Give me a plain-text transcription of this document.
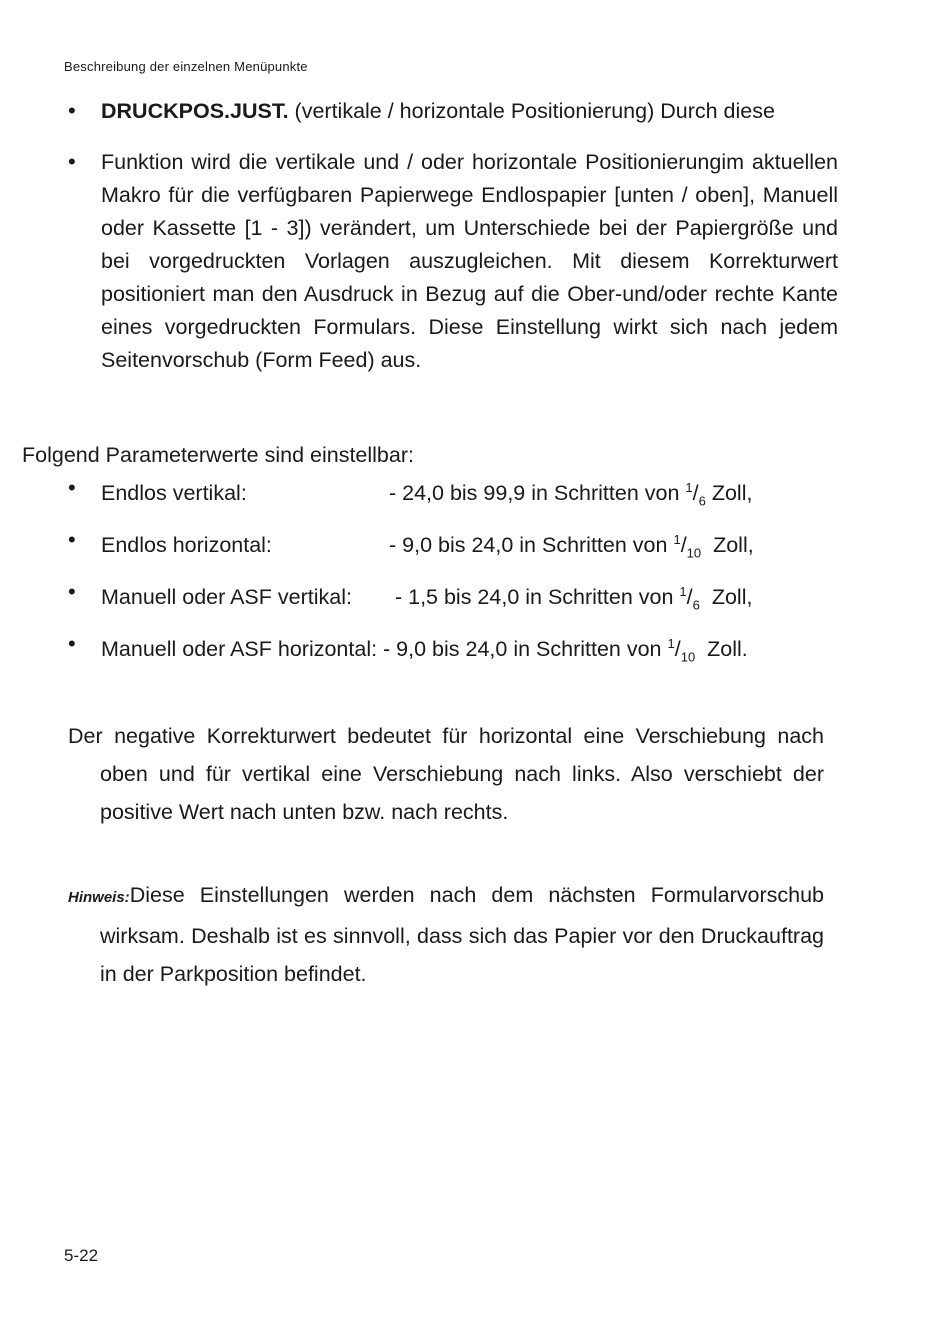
Beschreibung der einzelnen Menüpunkte
• DRUCKPOS.JUST. (vertikale / horizontale Positionierung) Durch diese
• Funktion wird die vertikale und / oder horizontale Positionierungim aktuellen Makro für die verfügbaren Papierwege Endlospapier [unten / oben], Manuell oder Kassette [1 - 3]) verändert, um Unterschiede bei der Papiergröße und bei vorgedruckten Vorlagen auszugleichen. Mit diesem Korrekturwert positioniert man den Ausdruck in Bezug auf die Ober-und/oder rechte Kante eines vorgedruckten Formulars. Diese Einstellung wirkt sich nach jedem Seitenvorschub (Form Feed) aus.
Folgend Parameterwerte sind einstellbar:
• Endlos vertikal:	- 24,0 bis 99,9 in Schritten von $^1/_6$ Zoll,
• Endlos horizontal:	- 9,0 bis 24,0 in Schritten von $^1/_{10}$  Zoll,
• Manuell oder ASF vertikal: - 1,5 bis 24,0 in Schritten von $^1/_6$  Zoll,
• Manuell oder ASF horizontal: - 9,0 bis 24,0 in Schritten von $^1/_{10}$  Zoll.
Der negative Korrekturwert bedeutet für horizontal eine Verschiebung nach oben und für vertikal eine Verschiebung nach links. Also verschiebt der positive Wert nach unten bzw. nach rechts.
Hinweis:Diese Einstellungen werden nach dem nächsten Formularvorschub wirksam. Deshalb ist es sinnvoll, dass sich das Papier vor den Druckauftrag in der Parkposition befindet.
5-22
